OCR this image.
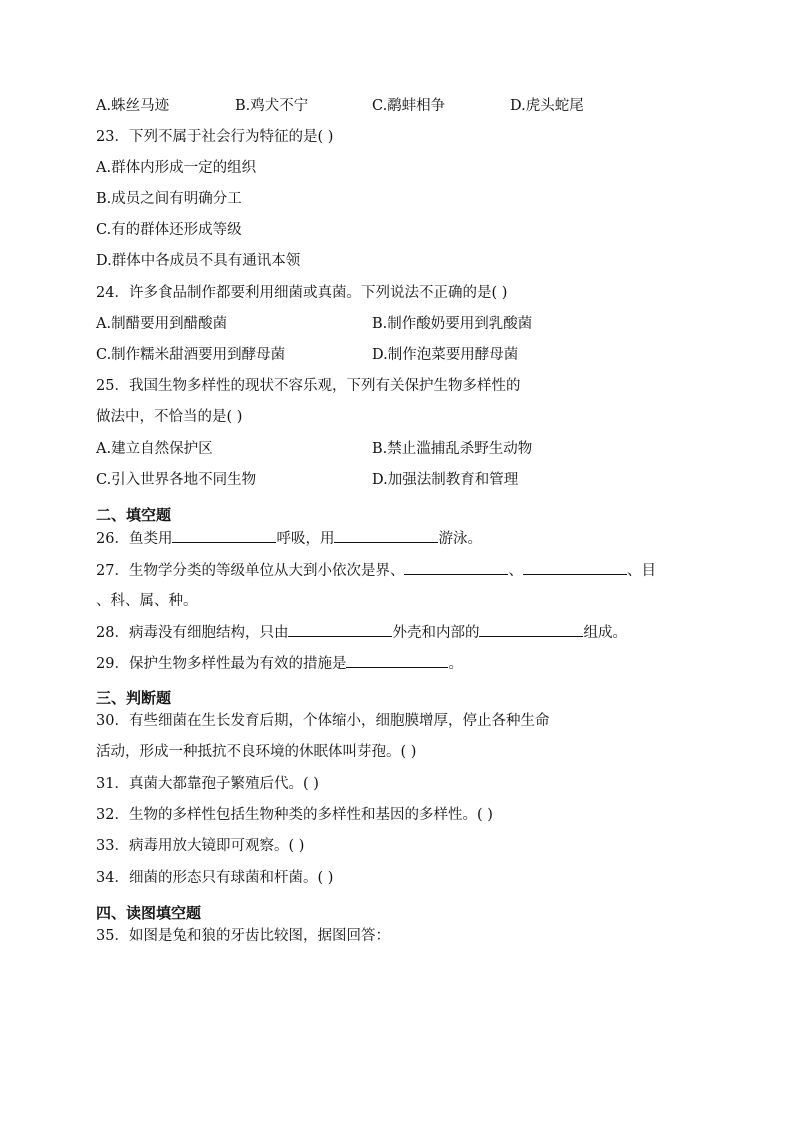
A.蛛丝马迹	B.鸡犬不宁	C.鹬蚌相争	D.虎头蛇尾
23．下列不属于社会行为特征的是( )
A.群体内形成一定的组织
B.成员之间有明确分工
C.有的群体还形成等级
D.群体中各成员不具有通讯本领
24．许多食品制作都要利用细菌或真菌。下列说法不正确的是( )
A.制醋要用到醋酸菌	B.制作酸奶要用到乳酸菌
C.制作糯米甜酒要用到酵母菌	D.制作泡菜要用酵母菌
25．我国生物多样性的现状不容乐观，下列有关保护生物多样性的
做法中，不恰当的是( )
A.建立自然保护区	B.禁止滥捕乱杀野生动物
C.引入世界各地不同生物	D.加强法制教育和管理
二、填空题
26．鱼类用	呼吸，用	游泳。
27．生物学分类的等级单位从大到小依次是界、	、	、目
、科、属、种。
28．病毒没有细胞结构，只由	外壳和内部的	组成。
29．保护生物多样性最为有效的措施是	。
三、判断题
30．有些细菌在生长发育后期，个体缩小，细胞膜增厚，停止各种生命
活动，形成一种抵抗不良环境的休眠体叫芽孢。( )
31．真菌大都靠孢子繁殖后代。( )
32．生物的多样性包括生物种类的多样性和基因的多样性。( )
33．病毒用放大镜即可观察。( )
34．细菌的形态只有球菌和杆菌。( )
四、读图填空题
35．如图是兔和狼的牙齿比较图，据图回答：
